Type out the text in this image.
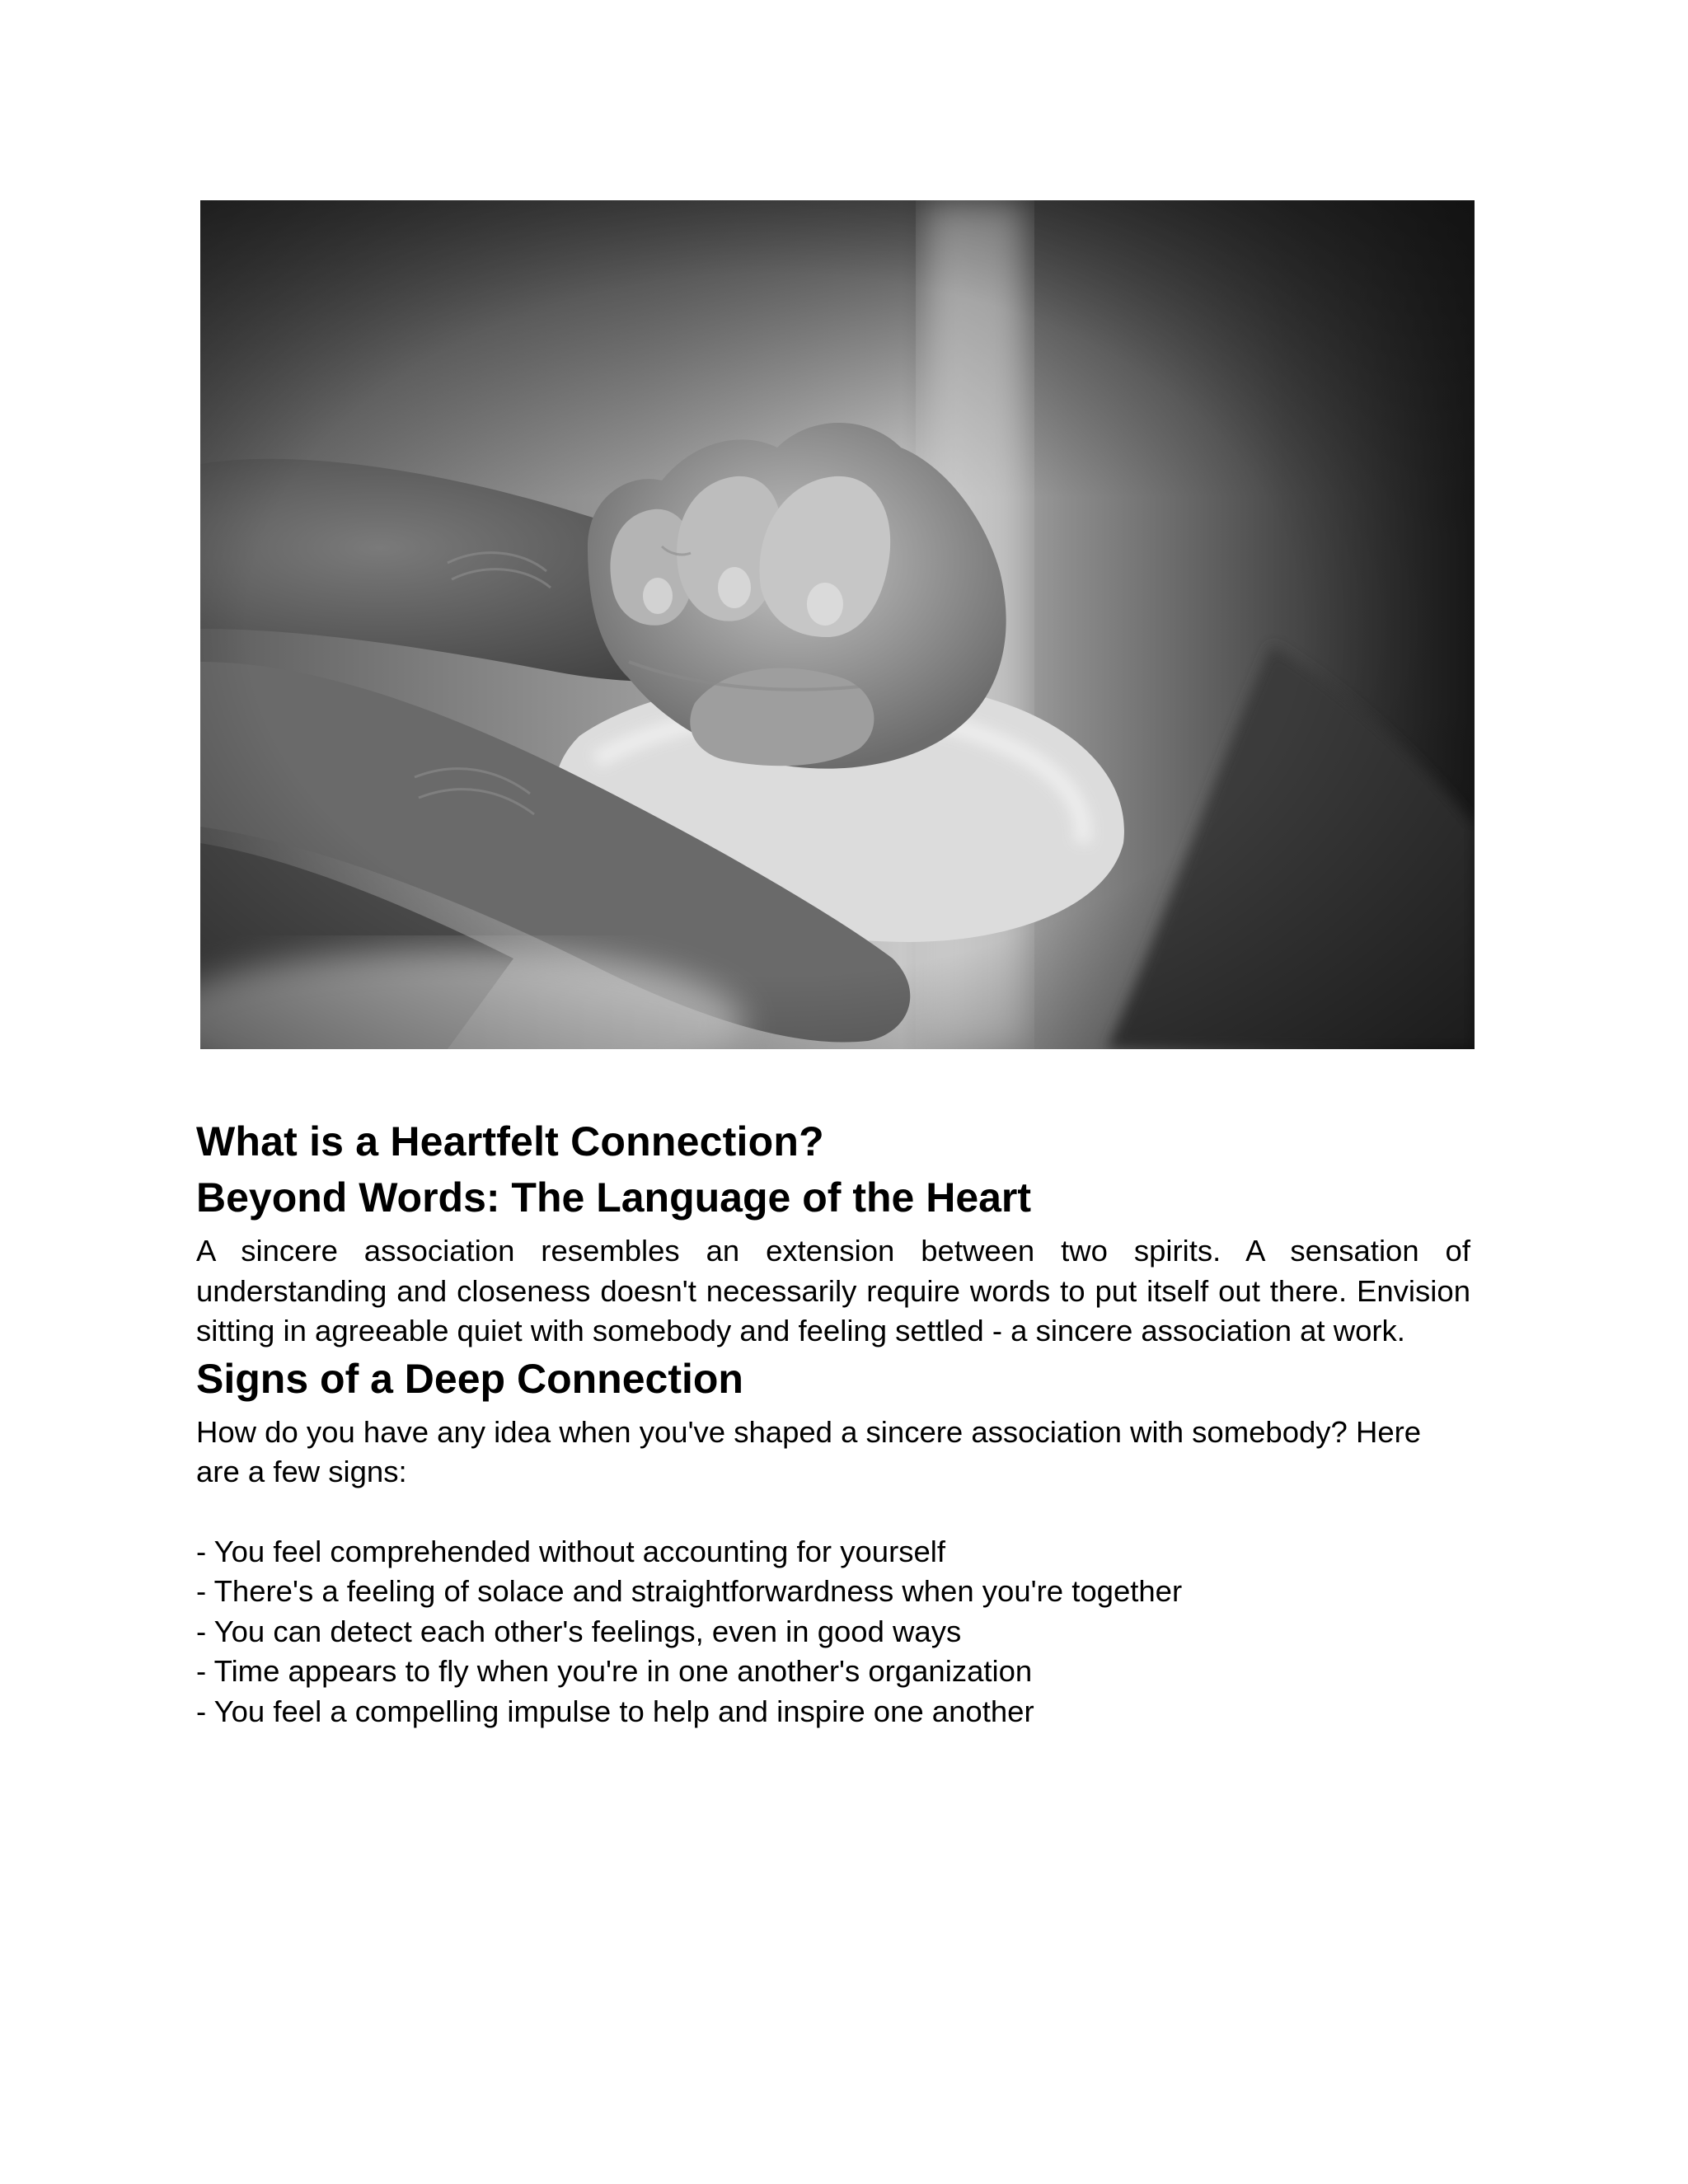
What is a Heartfelt Connection?
Beyond Words: The Language of the Heart

A sincere association resembles an extension between two spirits. A sensation of understanding and closeness doesn't necessarily require words to put itself out there. Envision sitting in agreeable quiet with somebody and feeling settled - a sincere association at work.

Signs of a Deep Connection

How do you have any idea when you've shaped a sincere association with somebody? Here are a few signs:

- You feel comprehended without accounting for yourself
- There's a feeling of solace and straightforwardness when you're together
- You can detect each other's feelings, even in good ways
- Time appears to fly when you're in one another's organization
- You feel a compelling impulse to help and inspire one another
